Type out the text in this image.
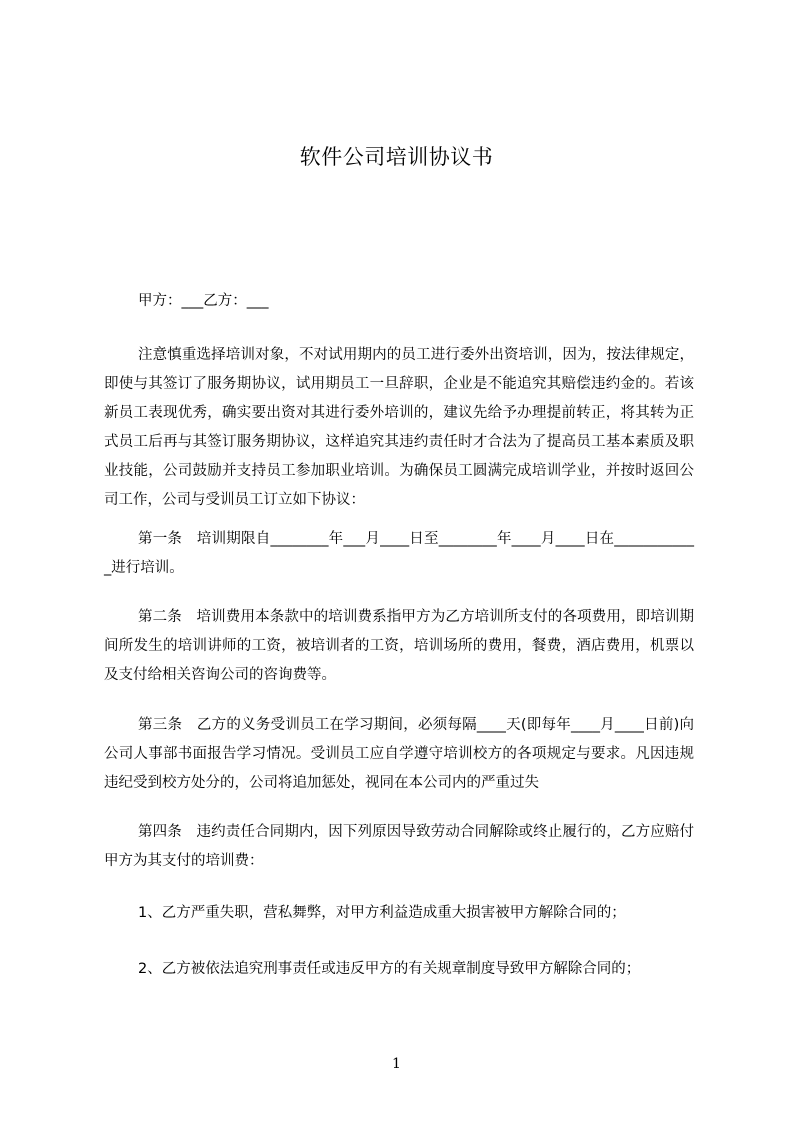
软件公司培训协议书
甲方：___乙方：___
注意慎重选择培训对象，不对试用期内的员工进行委外出资培训，因为，按法律规定，即使与其签订了服务期协议，试用期员工一旦辞职，企业是不能追究其赔偿违约金的。若该新员工表现优秀，确实要出资对其进行委外培训的，建议先给予办理提前转正，将其转为正式员工后再与其签订服务期协议，这样追究其违约责任时才合法为了提高员工基本素质及职业技能，公司鼓励并支持员工参加职业培训。为确保员工圆满完成培训学业，并按时返回公司工作，公司与受训员工订立如下协议：
第一条　培训期限自________年___月____日至________年____月____日在____________进行培训。
第二条　培训费用本条款中的培训费系指甲方为乙方培训所支付的各项费用，即培训期间所发生的培训讲师的工资，被培训者的工资，培训场所的费用，餐费，酒店费用，机票以及支付给相关咨询公司的咨询费等。
第三条　乙方的义务受训员工在学习期间，必须每隔____天(即每年____月____日前)向公司人事部书面报告学习情况。受训员工应自学遵守培训校方的各项规定与要求。凡因违规违纪受到校方处分的，公司将追加惩处，视同在本公司内的严重过失
第四条　违约责任合同期内，因下列原因导致劳动合同解除或终止履行的，乙方应赔付甲方为其支付的培训费：
1、乙方严重失职，营私舞弊，对甲方利益造成重大损害被甲方解除合同的；
2、乙方被依法追究刑事责任或违反甲方的有关规章制度导致甲方解除合同的；
1
